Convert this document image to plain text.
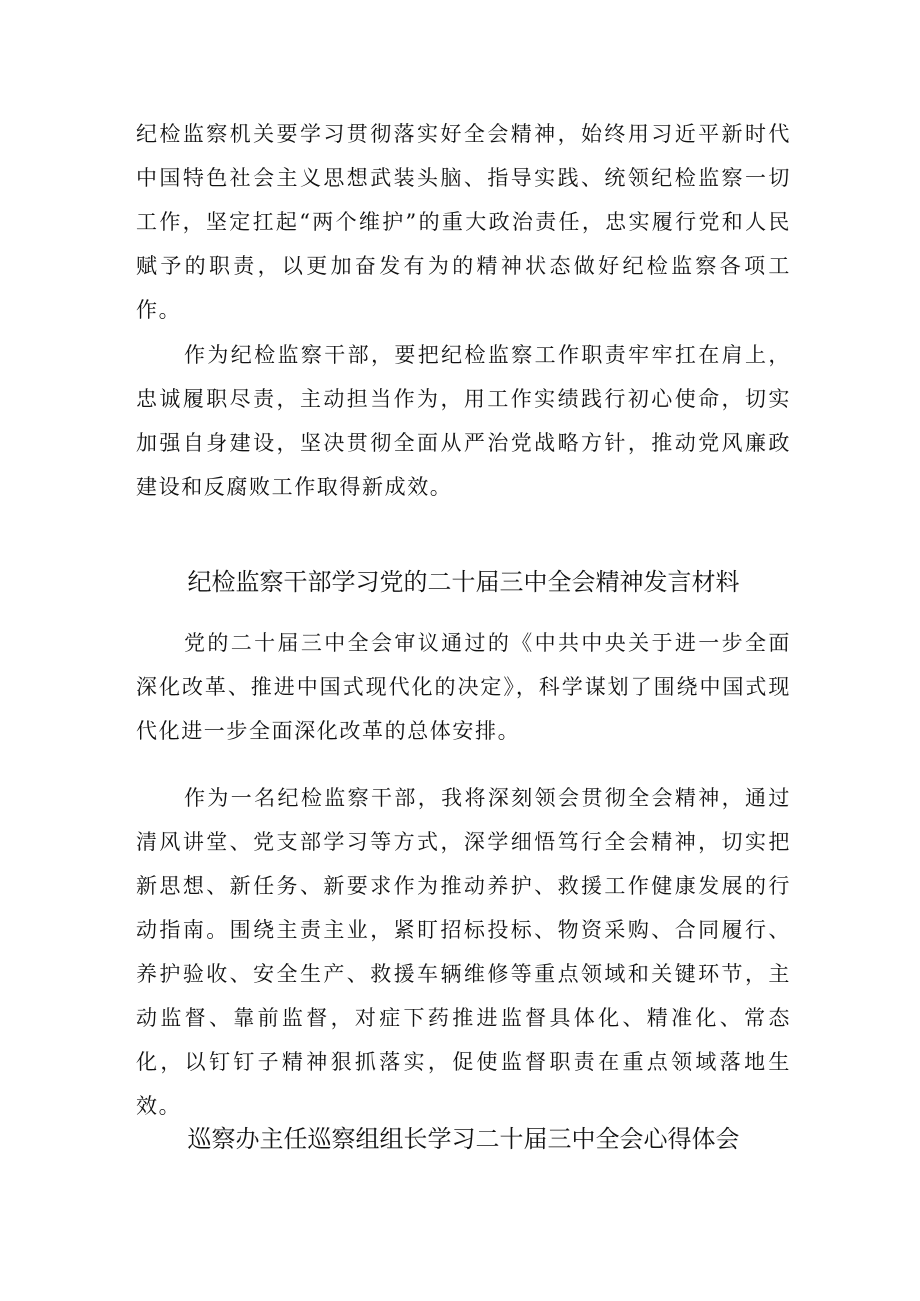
纪检监察机关要学习贯彻落实好全会精神，始终用习近平新时代中国特色社会主义思想武装头脑、指导实践、统领纪检监察一切工作，坚定扛起“两个维护”的重大政治责任，忠实履行党和人民赋予的职责，以更加奋发有为的精神状态做好纪检监察各项工作。

作为纪检监察干部，要把纪检监察工作职责牢牢扛在肩上，忠诚履职尽责，主动担当作为，用工作实绩践行初心使命，切实加强自身建设，坚决贯彻全面从严治党战略方针，推动党风廉政建设和反腐败工作取得新成效。

纪检监察干部学习党的二十届三中全会精神发言材料

党的二十届三中全会审议通过的《中共中央关于进一步全面深化改革、推进中国式现代化的决定》，科学谋划了围绕中国式现代化进一步全面深化改革的总体安排。

作为一名纪检监察干部，我将深刻领会贯彻全会精神，通过清风讲堂、党支部学习等方式，深学细悟笃行全会精神，切实把新思想、新任务、新要求作为推动养护、救援工作健康发展的行动指南。围绕主责主业，紧盯招标投标、物资采购、合同履行、养护验收、安全生产、救援车辆维修等重点领域和关键环节，主动监督、靠前监督，对症下药推进监督具体化、精准化、常态化，以钉钉子精神狠抓落实，促使监督职责在重点领域落地生效。

巡察办主任巡察组组长学习二十届三中全会心得体会
